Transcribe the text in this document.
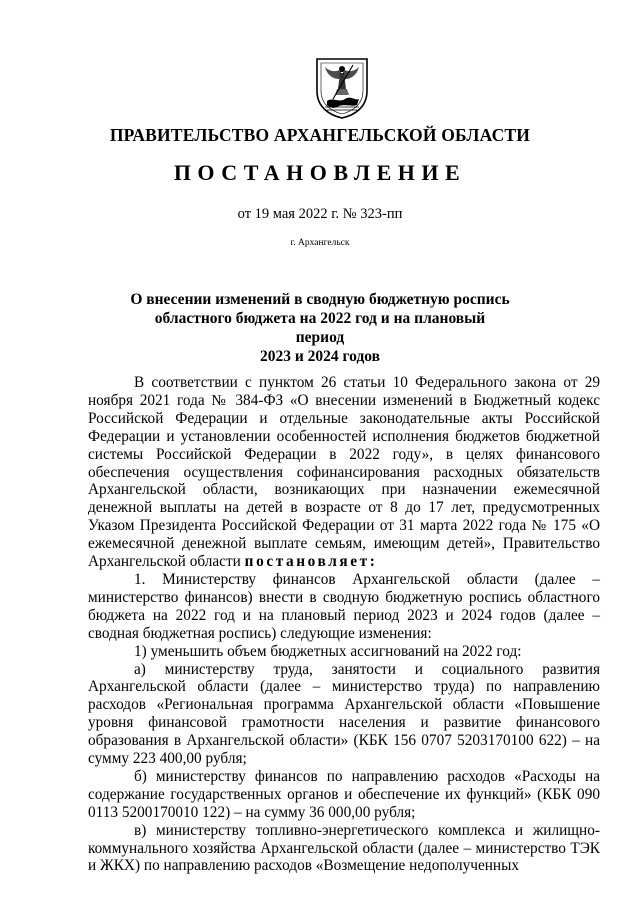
ПРАВИТЕЛЬСТВО АРХАНГЕЛЬСКОЙ ОБЛАСТИ
ПОСТАНОВЛЕНИЕ
от 19 мая 2022 г. № 323-пп
г. Архангельск
О внесении изменений в сводную бюджетную роспись
областного бюджета на 2022 год и на плановый период
2023 и 2024 годов

В соответствии с пунктом 26 статьи 10 Федерального закона от 29 ноября 2021 года № 384-ФЗ «О внесении изменений в Бюджетный кодекс Российской Федерации и отдельные законодательные акты Российской Федерации и установлении особенностей исполнения бюджетов бюджетной системы Российской Федерации в 2022 году», в целях финансового обеспечения осуществления софинансирования расходных обязательств Архангельской области, возникающих при назначении ежемесячной денежной выплаты на детей в возрасте от 8 до 17 лет, предусмотренных Указом Президента Российской Федерации от 31 марта 2022 года № 175 «О ежемесячной денежной выплате семьям, имеющим детей», Правительство Архангельской области постановляет:

1. Министерству финансов Архангельской области (далее – министерство финансов) внести в сводную бюджетную роспись областного бюджета на 2022 год и на плановый период 2023 и 2024 годов (далее – сводная бюджетная роспись) следующие изменения:

1) уменьшить объем бюджетных ассигнований на 2022 год:

а) министерству труда, занятости и социального развития Архангельской области (далее – министерство труда) по направлению расходов «Региональная программа Архангельской области «Повышение уровня финансовой грамотности населения и развитие финансового образования в Архангельской области» (КБК 156 0707 5203170100 622) – на сумму 223 400,00 рубля;

б) министерству финансов по направлению расходов «Расходы на содержание государственных органов и обеспечение их функций» (КБК 090 0113 5200170010 122) – на сумму 36 000,00 рубля;

в) министерству топливно-энергетического комплекса и жилищно-коммунального хозяйства Архангельской области (далее – министерство ТЭК и ЖКХ) по направлению расходов «Возмещение недополученных
